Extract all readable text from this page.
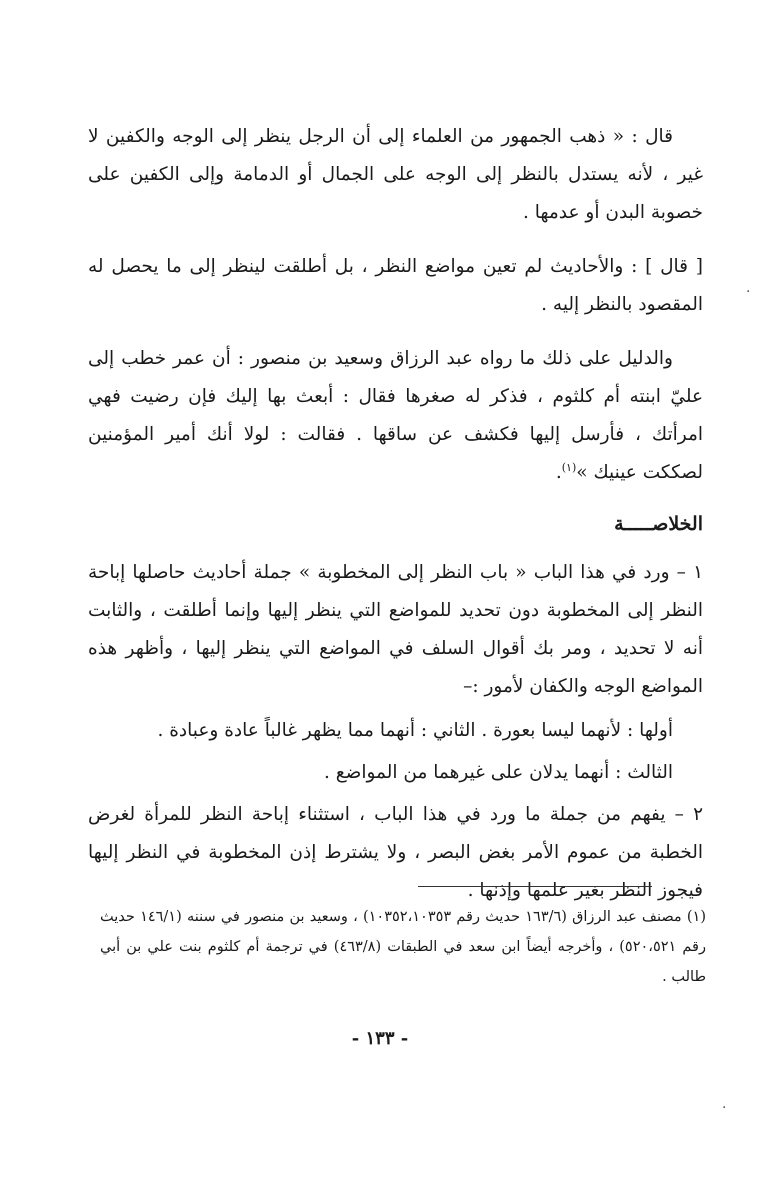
قال : « ذهب الجمهور من العلماء إلى أن الرجل ينظر إلى الوجه والكفين لا غير ، لأنه يستدل بالنظر إلى الوجه على الجمال أو الدمامة وإلى الكفين على خصوبة البدن أو عدمها .

[ قال ] : والأحاديث لم تعين مواضع النظر ، بل أطلقت لينظر إلى ما يحصل له المقصود بالنظر إليه .

والدليل على ذلك ما رواه عبد الرزاق وسعيد بن منصور : أن عمر خطب إلى عليّ ابنته أم كلثوم ، فذكر له صغرها فقال : أبعث بها إليك فإن رضيت فهي امرأتك ، فأرسل إليها فكشف عن ساقها . فقالت : لولا أنك أمير المؤمنين لصككت عينيك »$^{(١)}$.

الخلاصـــــة

١ – ورد في هذا الباب « باب النظر إلى المخطوبة » جملة أحاديث حاصلها إباحة النظر إلى المخطوبة دون تحديد للمواضع التي ينظر إليها وإنما أطلقت ، والثابت أنه لا تحديد ، ومر بك أقوال السلف في المواضع التي ينظر إليها ، وأظهر هذه المواضع الوجه والكفان لأمور :–

أولها : لأنهما ليسا بعورة . الثاني : أنهما مما يظهر غالباً عادة وعبادة .

الثالث : أنهما يدلان على غيرهما من المواضع .

٢ – يفهم من جملة ما ورد في هذا الباب ، استثناء إباحة النظر للمرأة لغرض الخطبة من عموم الأمر بغض البصر ، ولا يشترط إذن المخطوبة في النظر إليها فيجوز النظر بغير علمها وإذنها .

(١) مصنف عبد الرزاق (١٦٣/٦ حديث رقم ١٠٣٥٢،١٠٣٥٣) ، وسعيد بن منصور في سننه (١٤٦/١ حديث رقم ٥٢٠،٥٢١) ، وأخرجه أيضاً ابن سعد في الطبقات (٤٦٣/٨) في ترجمة أم كلثوم بنت علي بن أبي طالب .

- ١٣٣ -
·
·
